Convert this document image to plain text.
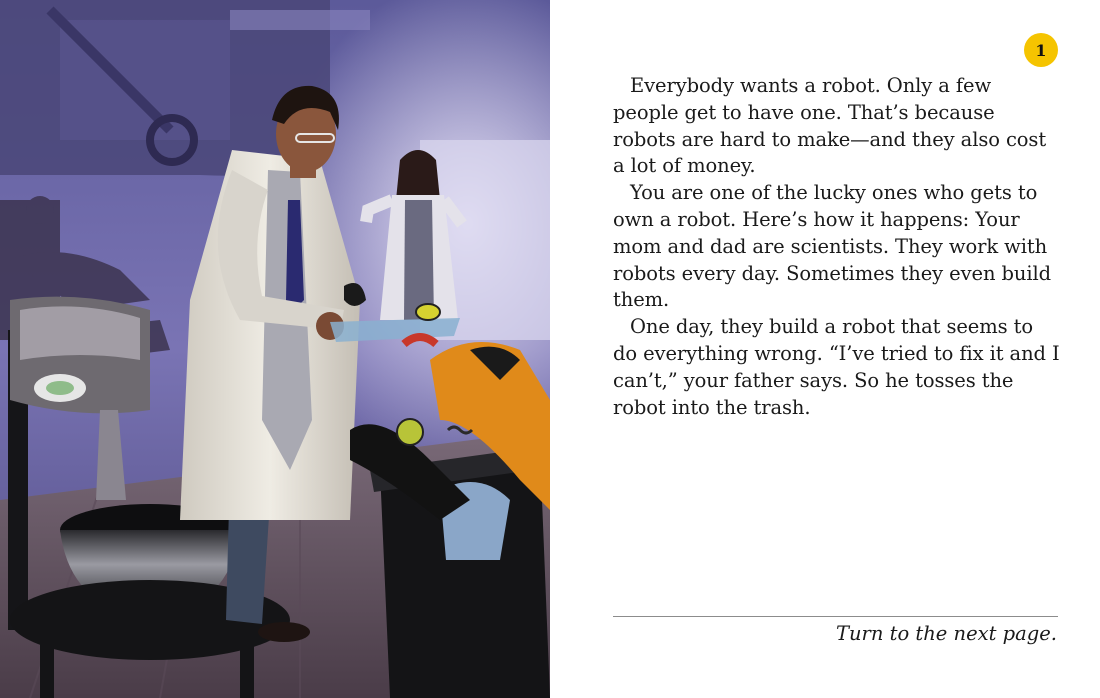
1

Everybody wants a robot. Only a few people get to have one. That’s because robots are hard to make—and they also cost a lot of money.

You are one of the lucky ones who gets to own a robot. Here’s how it happens: Your mom and dad are scientists. They work with robots every day. Sometimes they even build them.

One day, they build a robot that seems to do everything wrong. “I’ve tried to fix it and I can’t,” your father says. So he tosses the robot into the trash.

Turn to the next page.
